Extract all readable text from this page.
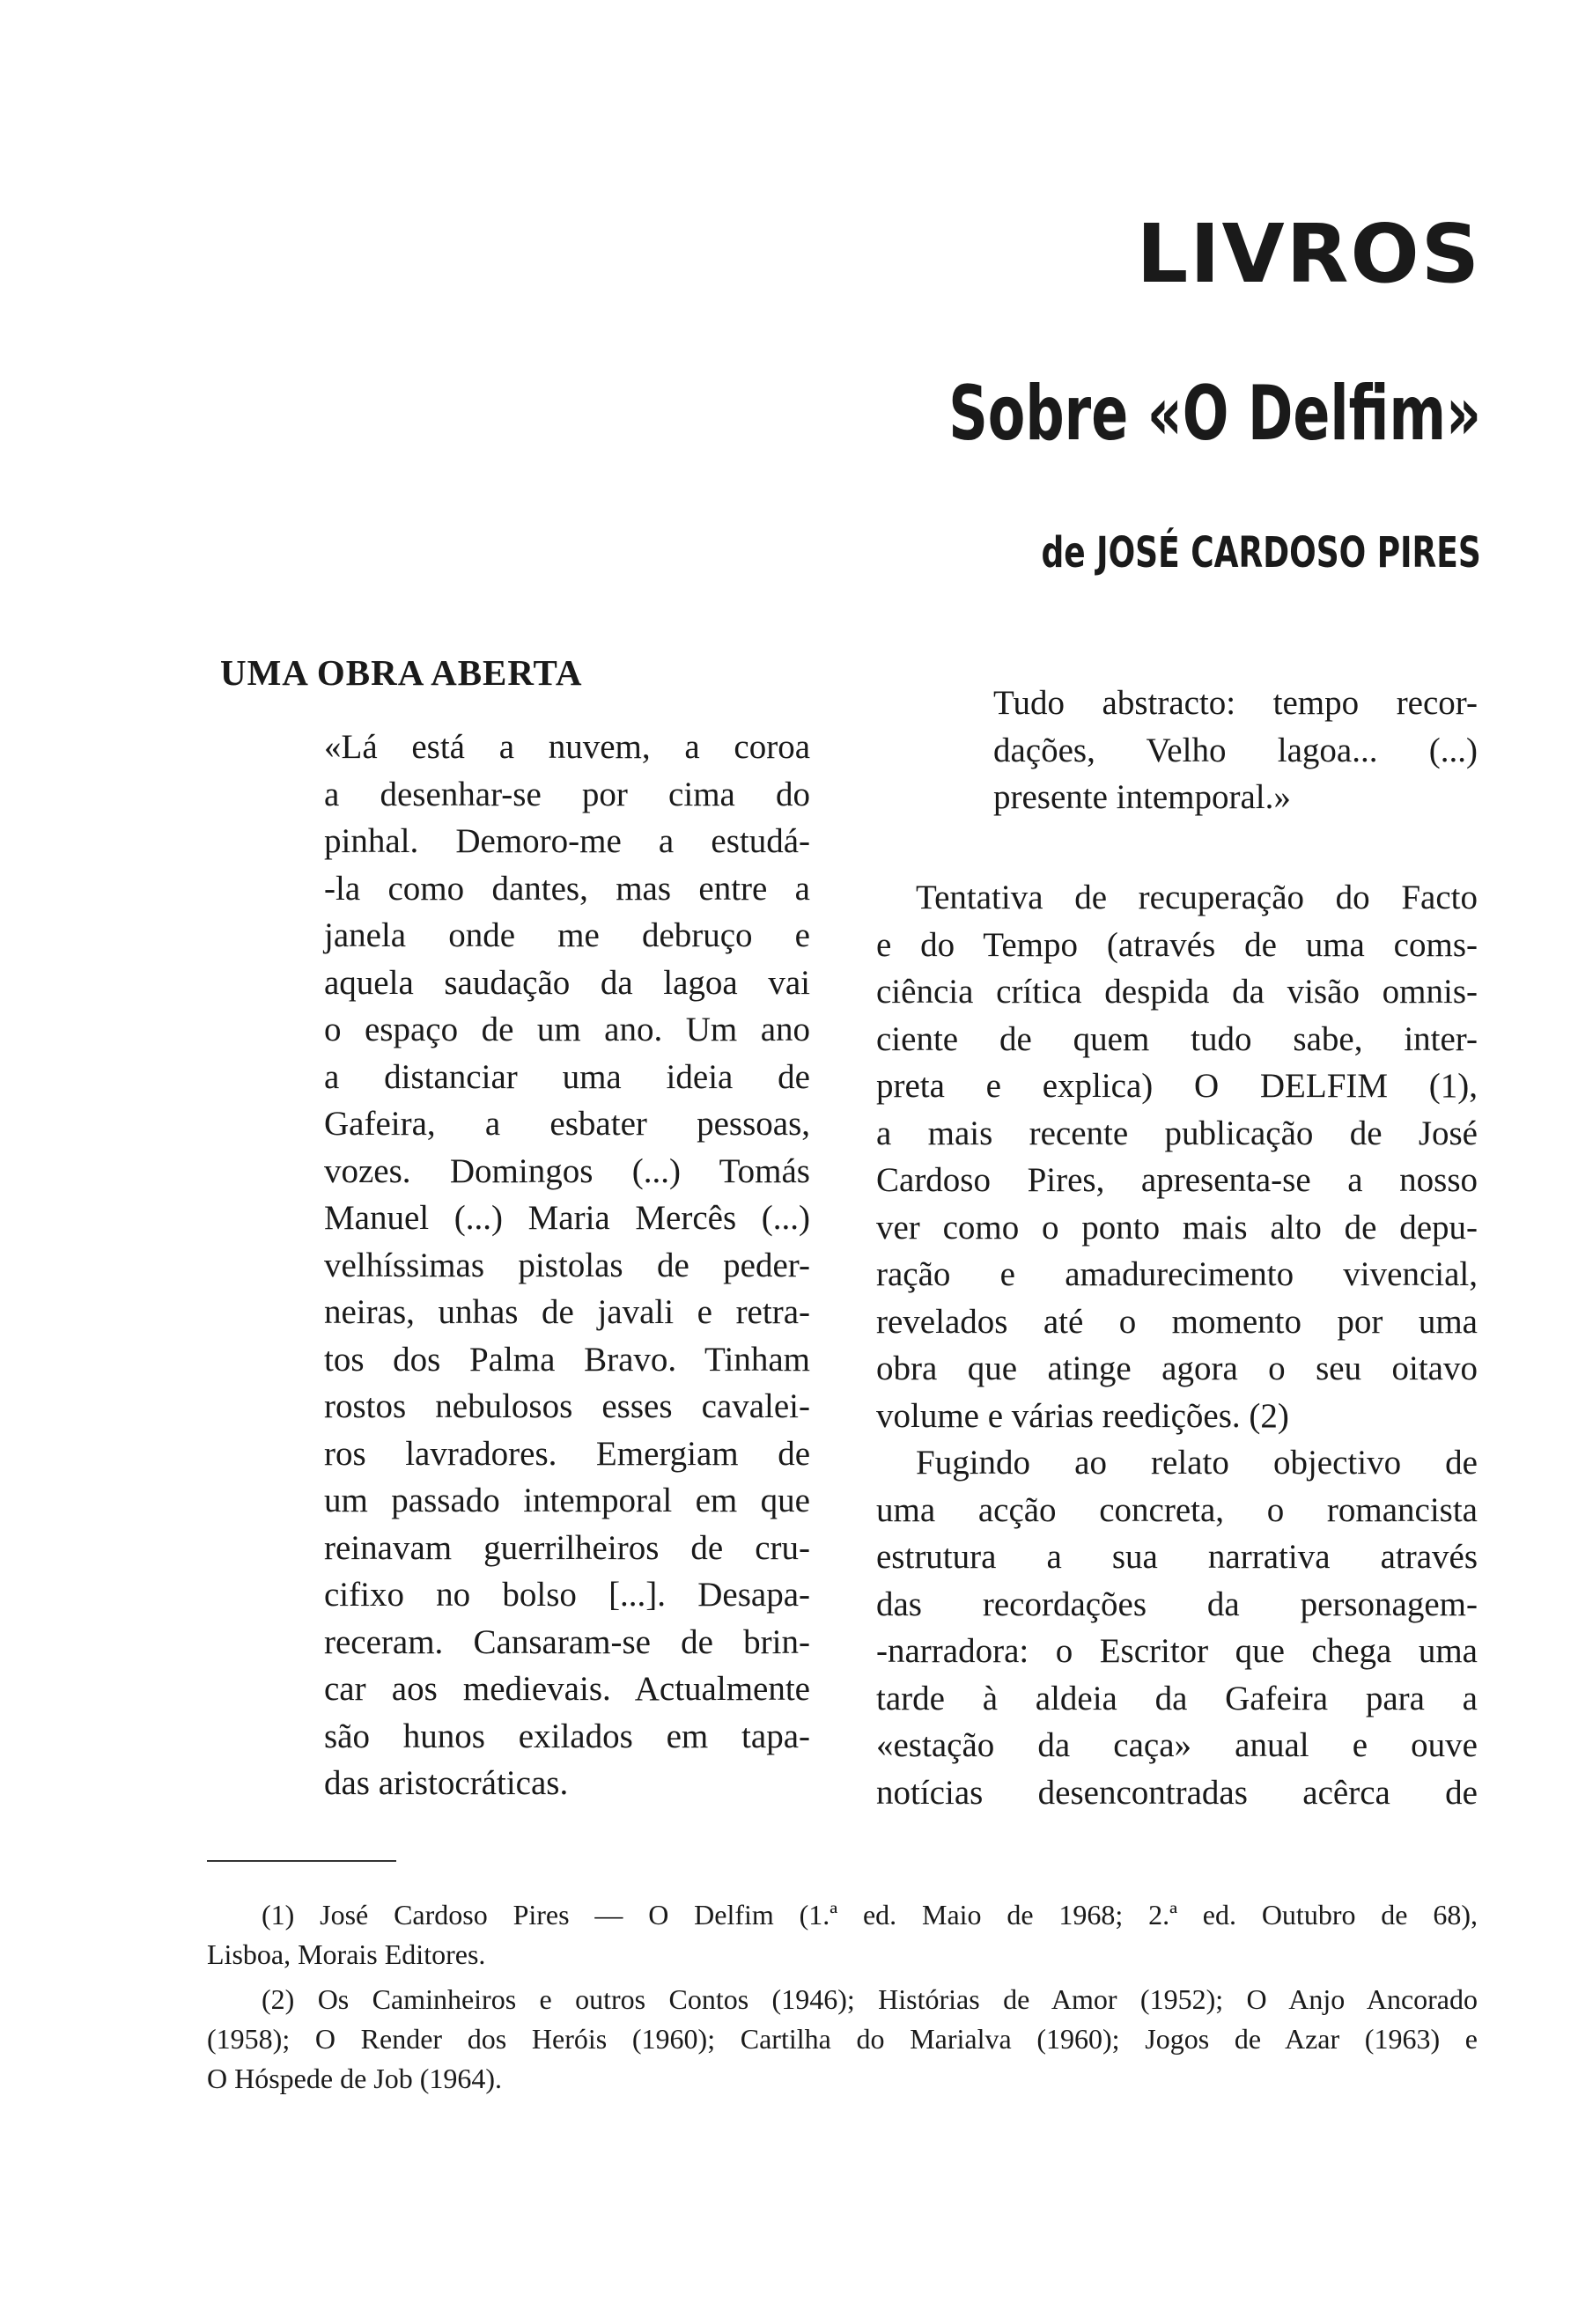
LIVROS
Sobre «O Delfim»
de JOSÉ CARDOSO PIRES
UMA OBRA ABERTA
«Lá está a nuvem, a coroa
a desenhar-se por cima do
pinhal. Demoro-me a estudá-
-la como dantes, mas entre a
janela onde me debruço e
aquela saudação da lagoa vai
o espaço de um ano. Um ano
a distanciar uma ideia de
Gafeira, a esbater pessoas,
vozes. Domingos (...) Tomás
Manuel (...) Maria Mercês (...)
velhíssimas pistolas de peder-
neiras, unhas de javali e retra-
tos dos Palma Bravo. Tinham
rostos nebulosos esses cavalei-
ros lavradores. Emergiam de
um passado intemporal em que
reinavam guerrilheiros de cru-
cifixo no bolso [...]. Desapa-
receram. Cansaram-se de brin-
car aos medievais. Actualmente
são hunos exilados em tapa-
das aristocráticas.
Tudo abstracto: tempo recor-
dações, Velho lagoa... (...)
presente intemporal.»
Tentativa de recuperação do Facto
e do Tempo (através de uma coms-
ciência crítica despida da visão omnis-
ciente de quem tudo sabe, inter-
preta e explica) O DELFIM (1),
a mais recente publicação de José
Cardoso Pires, apresenta-se a nosso
ver como o ponto mais alto de depu-
ração e amadurecimento vivencial,
revelados até o momento por uma
obra que atinge agora o seu oitavo
volume e várias reedições. (2)
Fugindo ao relato objectivo de
uma acção concreta, o romancista
estrutura a sua narrativa através
das recordações da personagem-
-narradora: o Escritor que chega uma
tarde à aldeia da Gafeira para a
«estação da caça» anual e ouve
notícias desencontradas acêrca de

(1) José Cardoso Pires — O Delfim (1.ª ed. Maio de 1968; 2.ª ed. Outubro de 68),
Lisboa, Morais Editores.

(2) Os Caminheiros e outros Contos (1946); Histórias de Amor (1952); O Anjo Ancorado
(1958); O Render dos Heróis (1960); Cartilha do Marialva (1960); Jogos de Azar (1963) e
O Hóspede de Job (1964).
